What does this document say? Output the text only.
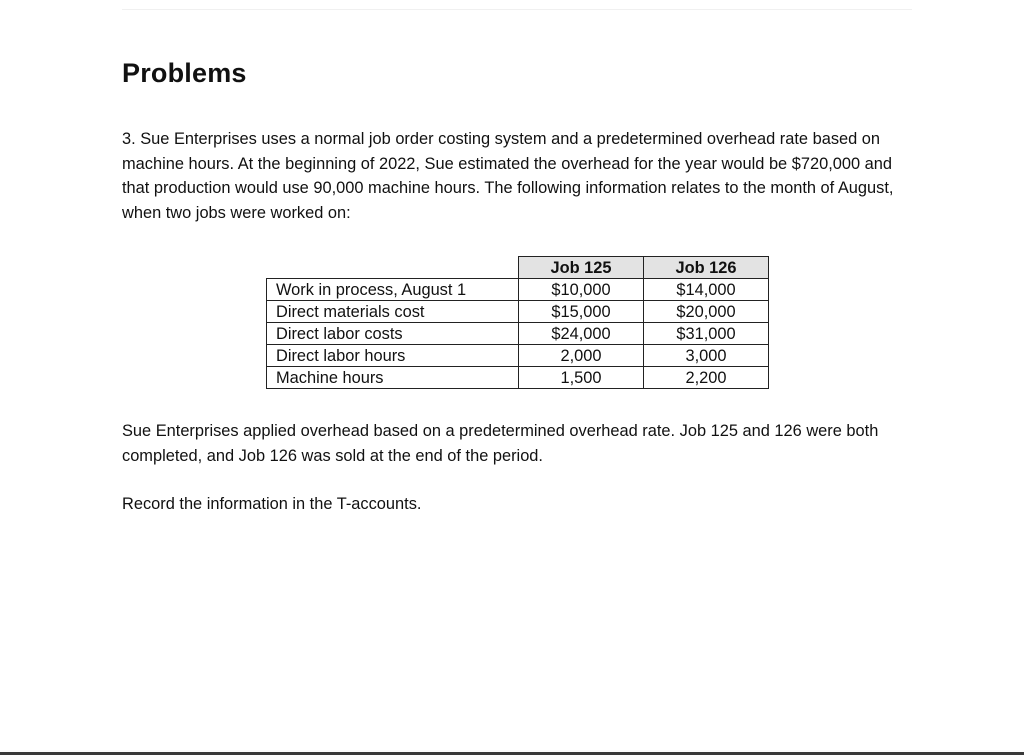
Problems

3. Sue Enterprises uses a normal job order costing system and a predetermined overhead rate based on machine hours. At the beginning of 2022, Sue estimated the overhead for the year would be $720,000 and that production would use 90,000 machine hours. The following information relates to the month of August, when two jobs were worked on:

	Job 125	Job 126
Work in process, August 1	$10,000	$14,000
Direct materials cost	$15,000	$20,000
Direct labor costs	$24,000	$31,000
Direct labor hours	2,000	3,000
Machine hours	1,500	2,200

Sue Enterprises applied overhead based on a predetermined overhead rate. Job 125 and 126 were both completed, and Job 126 was sold at the end of the period.

Record the information in the T-accounts.
